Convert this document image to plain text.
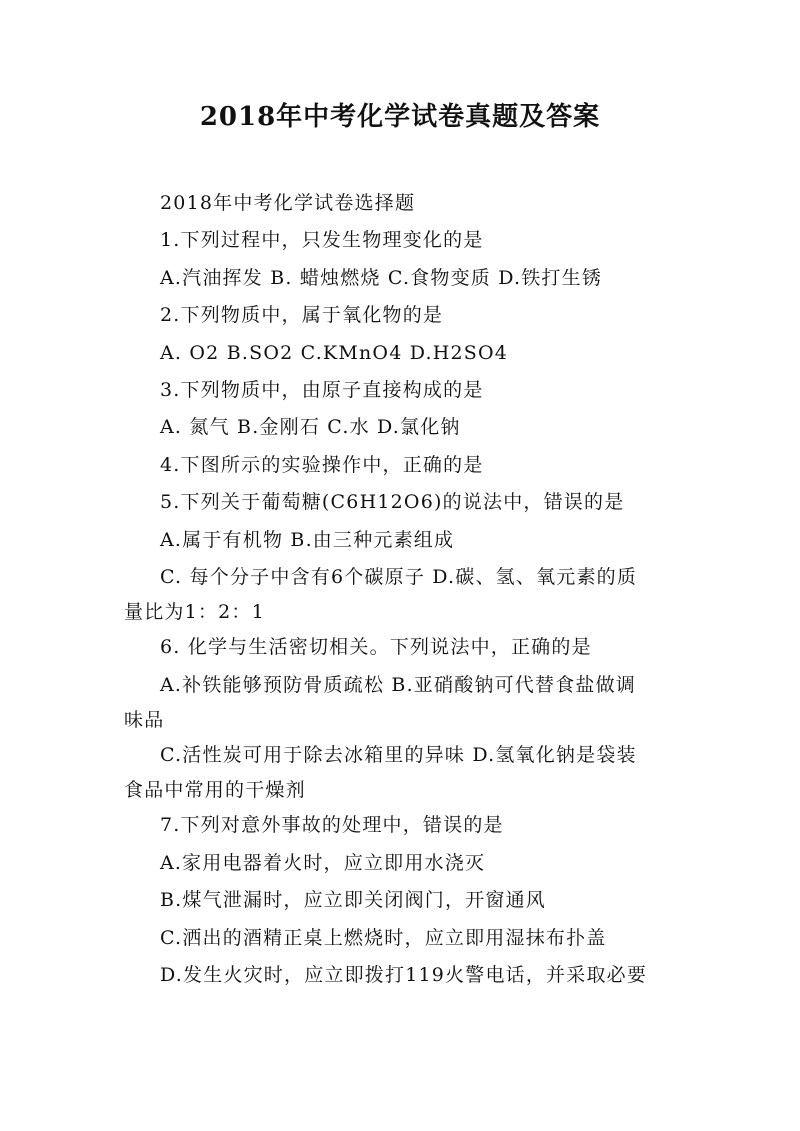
2018年中考化学试卷真题及答案
2018年中考化学试卷选择题
1.下列过程中，只发生物理变化的是
A.汽油挥发 B. 蜡烛燃烧 C.食物变质 D.铁打生锈
2.下列物质中，属于氧化物的是
A. O2 B.SO2 C.KMnO4 D.H2SO4
3.下列物质中，由原子直接构成的是
A. 氮气 B.金刚石 C.水 D.氯化钠
4.下图所示的实验操作中，正确的是
5.下列关于葡萄糖(C6H12O6)的说法中，错误的是
A.属于有机物 B.由三种元素组成
C. 每个分子中含有6个碳原子 D.碳、氢、氧元素的质
量比为1：2：1
6. 化学与生活密切相关。下列说法中，正确的是
A.补铁能够预防骨质疏松 B.亚硝酸钠可代替食盐做调
味品
C.活性炭可用于除去冰箱里的异味 D.氢氧化钠是袋装
食品中常用的干燥剂
7.下列对意外事故的处理中，错误的是
A.家用电器着火时，应立即用水浇灭
B.煤气泄漏时，应立即关闭阀门，开窗通风
C.洒出的酒精正桌上燃烧时，应立即用湿抹布扑盖
D.发生火灾时，应立即拨打119火警电话，并采取必要
